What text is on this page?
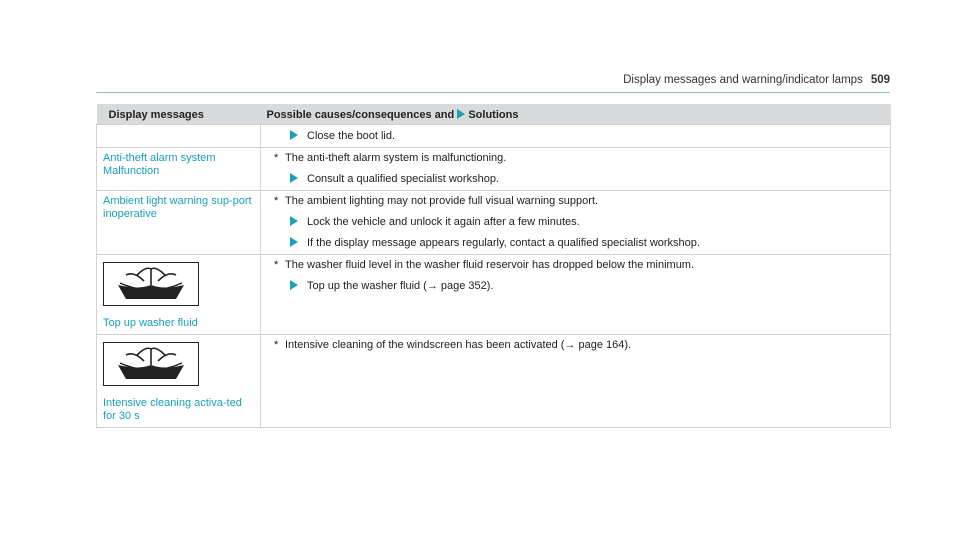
Display messages and warning/indicator lamps 509
Display messages	Possible causes/consequences and Solutions

	Close the boot lid.

Anti-theft alarm system Malfunction	* The anti-theft alarm system is malfunctioning.
Consult a qualified specialist workshop.

Ambient light warning sup-port inoperative	* The ambient lighting may not provide full visual warning support.
Lock the vehicle and unlock it again after a few minutes.
If the display message appears regularly, contact a qualified specialist workshop.

Top up washer fluid	* The washer fluid level in the washer fluid reservoir has dropped below the minimum.
Top up the washer fluid (→ page 352).

Intensive cleaning activa-ted for 30 s	* Intensive cleaning of the windscreen has been activated (→ page 164).
